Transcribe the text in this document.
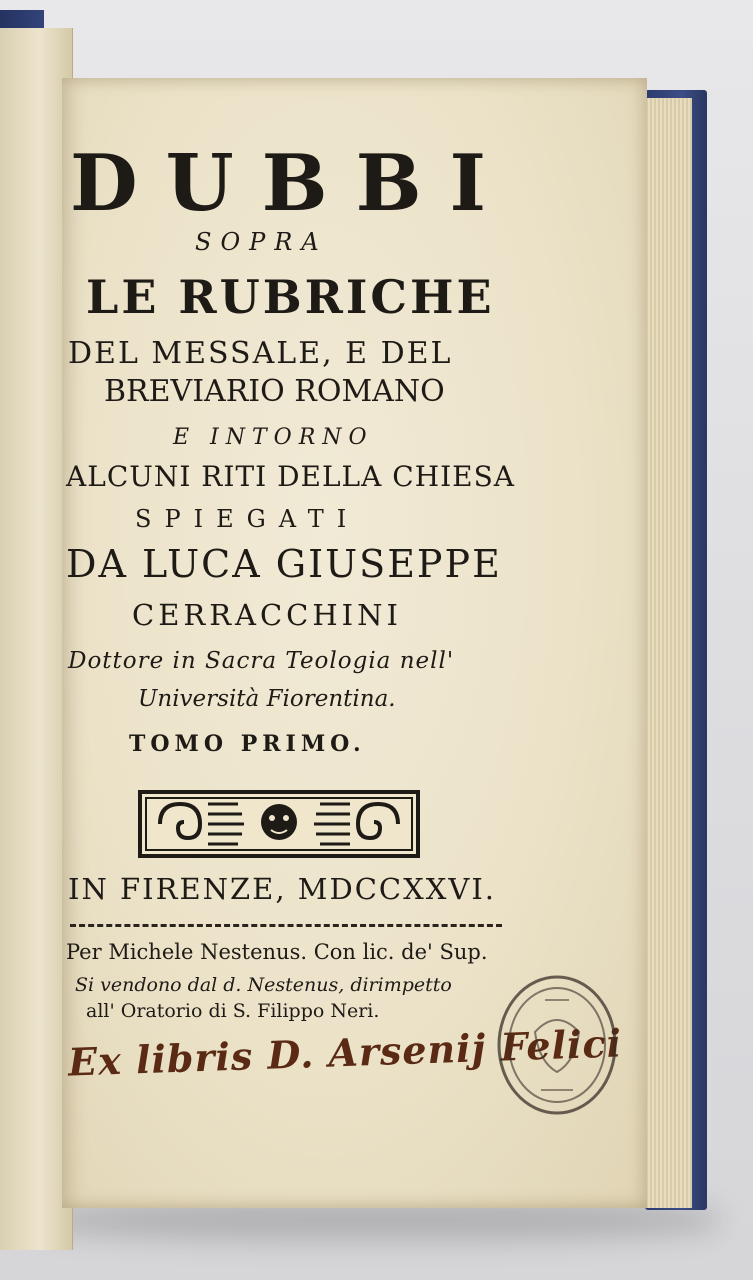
DUBBI
SOPRA
LE RUBRICHE
DEL MESSALE, E DEL
BREVIARIO ROMANO
E INTORNO
ALCUNI RITI DELLA CHIESA
SPIEGATI
DA LUCA GIUSEPPE
CERRACCHINI
Dottore in Sacra Teologia nell'
Università Fiorentina.
TOMO PRIMO.
IN FIRENZE, MDCCXXVI.
Per Michele Nestenus. Con lic. de' Sup.
Si vendono dal d. Nestenus, dirimpetto
all' Oratorio di S. Filippo Neri.
Ex libris D. Arsenij Felici
